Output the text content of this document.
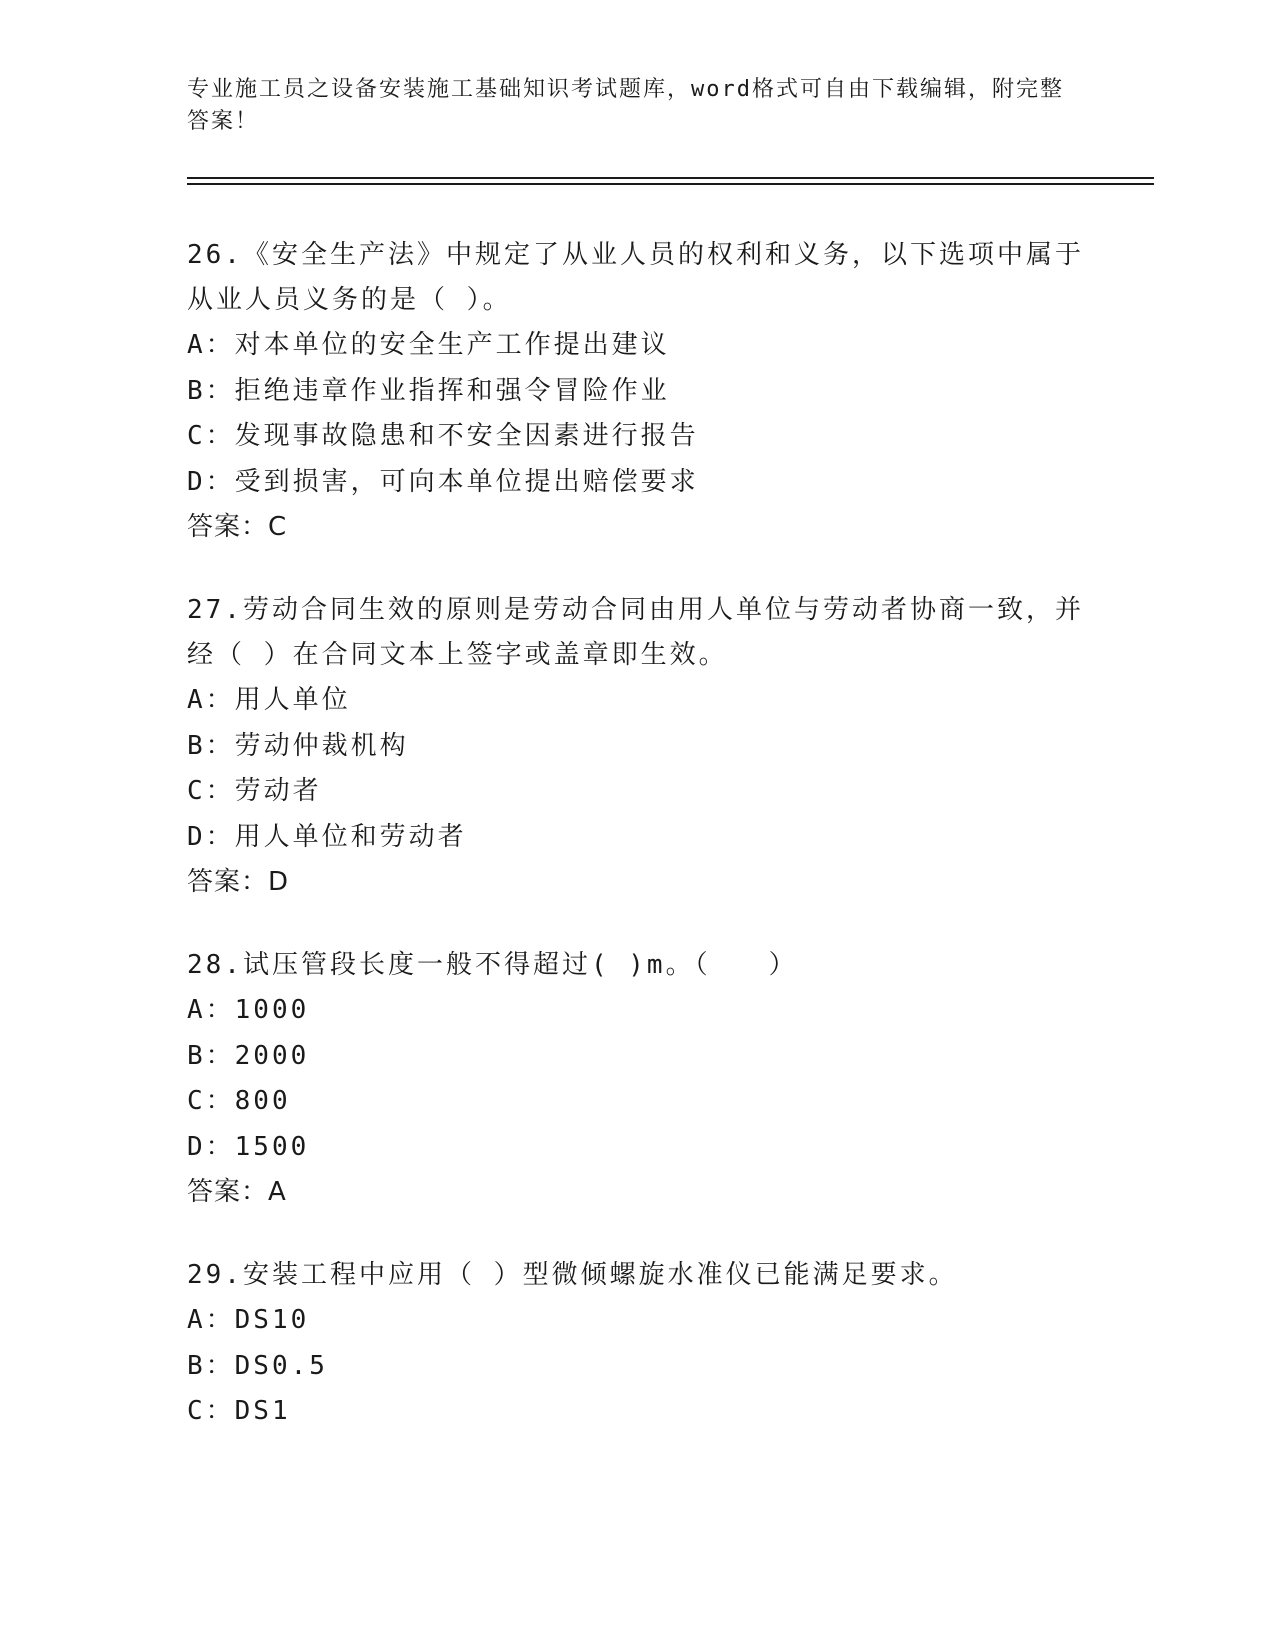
专业施工员之设备安装施工基础知识考试题库，word格式可自由下载编辑，附完整答案！

26.《安全生产法》中规定了从业人员的权利和义务，以下选项中属于从业人员义务的是（ ）。

A：对本单位的安全生产工作提出建议

B：拒绝违章作业指挥和强令冒险作业

C：发现事故隐患和不安全因素进行报告

D：受到损害，可向本单位提出赔偿要求

答案：C

27.劳动合同生效的原则是劳动合同由用人单位与劳动者协商一致，并经（ ）在合同文本上签字或盖章即生效。

A：用人单位

B：劳动仲裁机构

C：劳动者

D：用人单位和劳动者

答案：D

28.试压管段长度一般不得超过( )m。（　　）

A：1000

B：2000

C：800

D：1500

答案：A

29.安装工程中应用（ ）型微倾螺旋水准仪已能满足要求。

A：DS10

B：DS0.5

C：DS1
